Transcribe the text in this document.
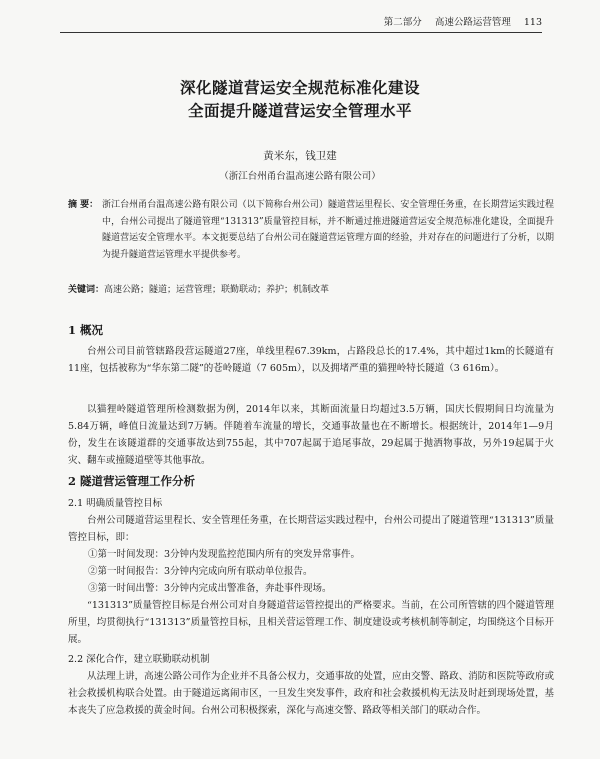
第二部分 高速公路运营管理 113
深化隧道营运安全规范标准化建设
全面提升隧道营运安全管理水平
黄米东，钱卫建
（浙江台州甬台温高速公路有限公司）
摘 要： 浙江台州甬台温高速公路有限公司（以下简称台州公司）隧道营运里程长、安全管理任务重，在长期营运实践过程中，台州公司提出了隧道管理“131313”质量管控目标，并不断通过推进隧道营运安全规范标准化建设，全面提升隧道营运安全管理水平。本文扼要总结了台州公司在隧道营运管理方面的经验，并对存在的问题进行了分析，以期为提升隧道营运管理水平提供参考。
关键词：高速公路；隧道；运营管理；联勤联动；养护；机制改革
1 概况

台州公司目前管辖路段营运隧道27座，单线里程67.39km，占路段总长的17.4%，其中超过1km的长隧道有11座，包括被称为“华东第二隧”的苍岭隧道（7 605m），以及拥堵严重的猫狸岭特长隧道（3 616m）。

以猫狸岭隧道管理所检测数据为例，2014年以来，其断面流量日均超过3.5万辆，国庆长假期间日均流量为5.84万辆，峰值日流量达到7万辆。伴随着车流量的增长，交通事故量也在不断增长。根据统计，2014年1—9月份，发生在该隧道群的交通事故达到755起，其中707起属于追尾事故，29起属于抛洒物事故，另外19起属于火灾、翻车或撞隧道壁等其他事故。

2 隧道营运管理工作分析
2.1 明确质量管控目标

台州公司隧道营运里程长、安全管理任务重，在长期营运实践过程中，台州公司提出了隧道管理“131313”质量管控目标，即：

①第一时间发现：3分钟内发现监控范围内所有的突发异常事件。
②第一时间报告：3分钟内完成向所有联动单位报告。
③第一时间出警：3分钟内完成出警准备，奔赴事件现场。

“131313”质量管控目标是台州公司对自身隧道营运管控提出的严格要求。当前，在公司所管辖的四个隧道管理所里，均贯彻执行“131313”质量管控目标，且相关营运管理工作、制度建设或考核机制等制定，均围绕这个目标开展。

2.2 深化合作，建立联勤联动机制

从法理上讲，高速公路公司作为企业并不具备公权力，交通事故的处置，应由交警、路政、消防和医院等政府或社会救援机构联合处置。由于隧道远离闹市区，一旦发生突发事件，政府和社会救援机构无法及时赶到现场处置，基本丧失了应急救援的黄金时间。台州公司积极探索，深化与高速交警、路政等相关部门的联动合作。
